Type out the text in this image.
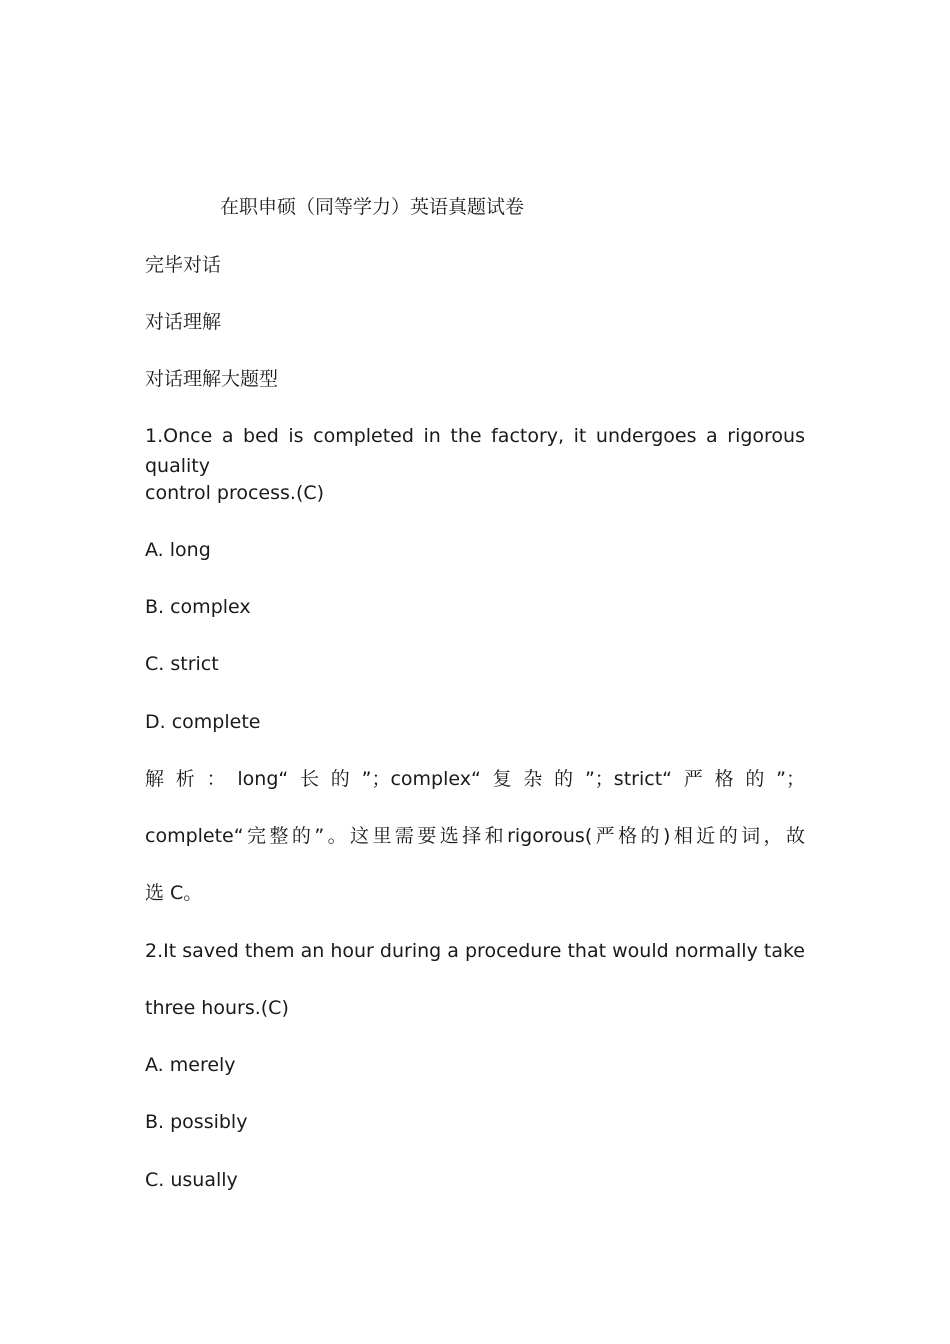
在职申硕（同等学力）英语真题试卷
完毕对话
对话理解
对话理解大题型
1.Once a bed is completed in the factory, it undergoes a rigorous quality
control process.(C)
A. long
B. complex
C. strict
D. complete
解析：long“长的”；complex“复杂的”；strict“严格的”；
complete“完整的”。这里需要选择和rigorous(严格的)相近的词，故
选 C。
2.It saved them an hour during a procedure that would normally take
three hours.(C)
A. merely
B. possibly
C. usually
